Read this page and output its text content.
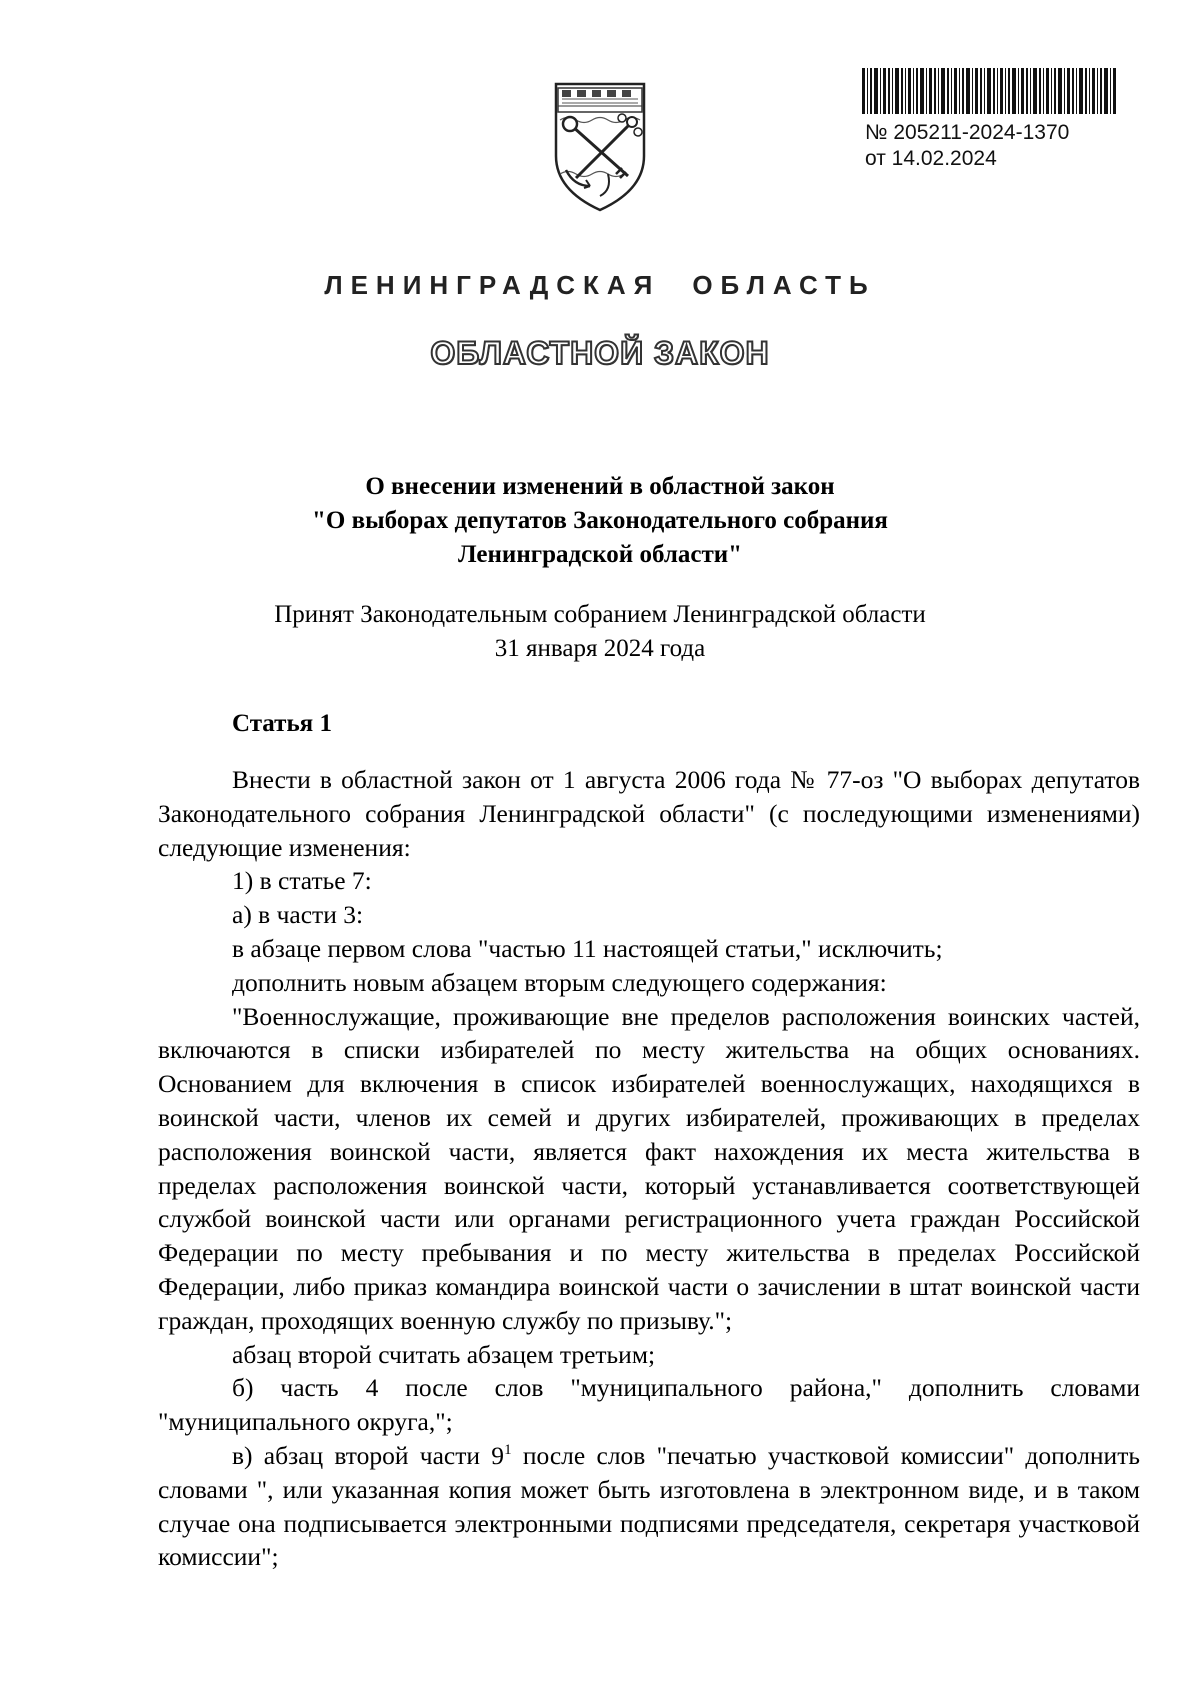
№ 205211-2024-1370
от 14.02.2024
ЛЕНИНГРАДСКАЯ ОБЛАСТЬ
ОБЛАСТНОЙ ЗАКОН
О внесении изменений в областной закон
"О выборах депутатов Законодательного собрания
Ленинградской области"
Принят Законодательным собранием Ленинградской области
31 января 2024 года
Статья 1

Внести в областной закон от 1 августа 2006 года № 77-оз "О выборах депутатов Законодательного собрания Ленинградской области" (с последующими изменениями) следующие изменения:

1) в статье 7:

а) в части 3:

в абзаце первом слова "частью 11 настоящей статьи," исключить;

дополнить новым абзацем вторым следующего содержания:

"Военнослужащие, проживающие вне пределов расположения воинских частей, включаются в списки избирателей по месту жительства на общих основаниях. Основанием для включения в список избирателей военнослужащих, находящихся в воинской части, членов их семей и других избирателей, проживающих в пределах расположения воинской части, является факт нахождения их места жительства в пределах расположения воинской части, который устанавливается соответствующей службой воинской части или органами регистрационного учета граждан Российской Федерации по месту пребывания и по месту жительства в пределах Российской Федерации, либо приказ командира воинской части о зачислении в штат воинской части граждан, проходящих военную службу по призыву.";

абзац второй считать абзацем третьим;

б) часть 4 после слов "муниципального района," дополнить словами "муниципального округа,";

в) абзац второй части $9^1$ после слов "печатью участковой комиссии" дополнить словами ", или указанная копия может быть изготовлена в электронном виде, и в таком случае она подписывается электронными подписями председателя, секретаря участковой комиссии";
